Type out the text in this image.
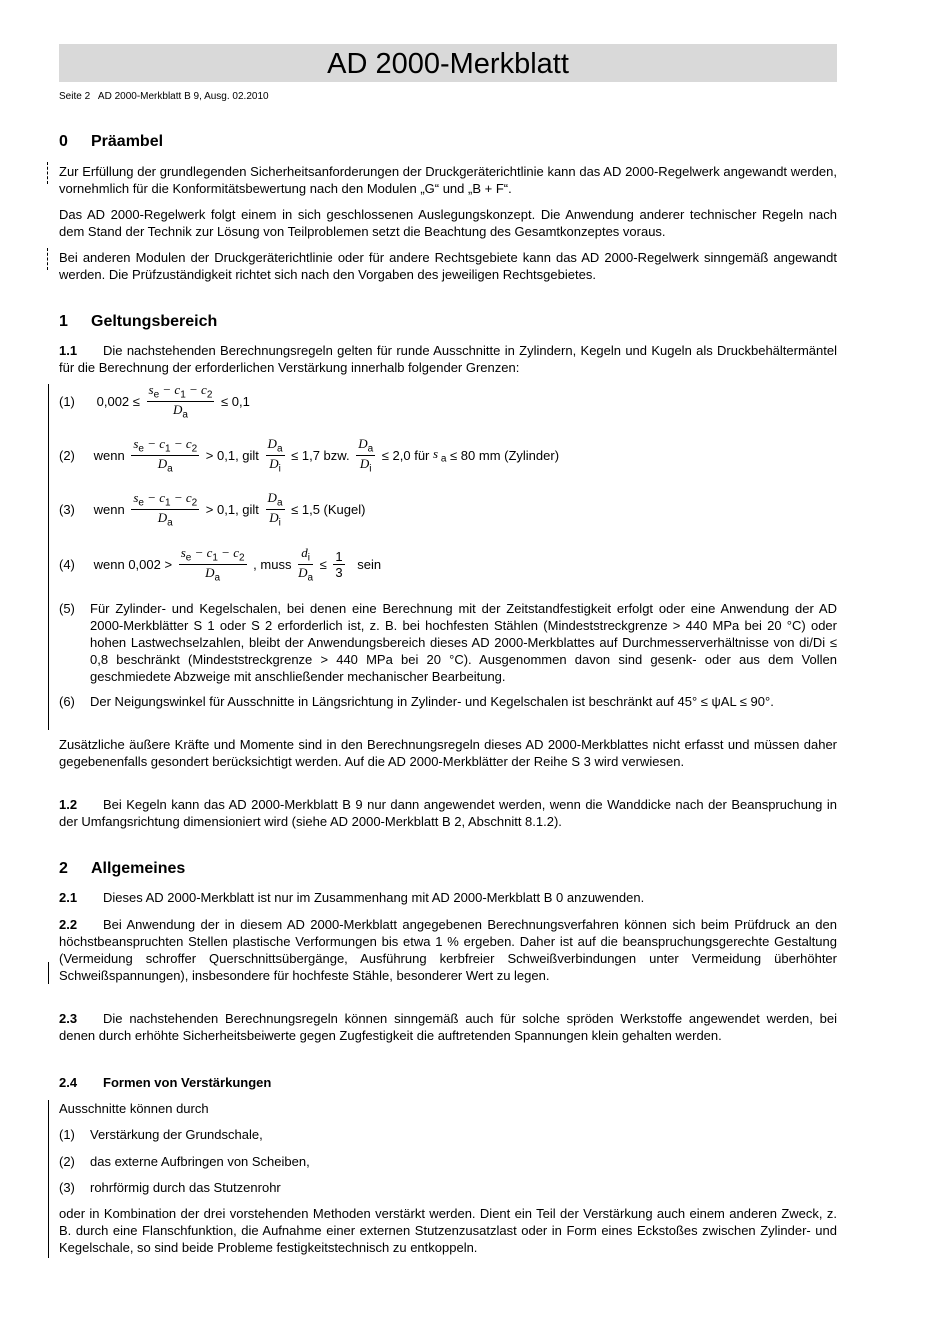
AD 2000-Merkblatt
Seite 2   AD 2000-Merkblatt B 9, Ausg. 02.2010
0 Präambel
Zur Erfüllung der grundlegenden Sicherheitsanforderungen der Druckgeräterichtlinie kann das AD 2000-Regelwerk angewandt werden, vornehmlich für die Konformitätsbewertung nach den Modulen „G“ und „B + F“.
Das AD 2000-Regelwerk folgt einem in sich geschlossenen Auslegungskonzept. Die Anwendung anderer technischer Regeln nach dem Stand der Technik zur Lösung von Teilproblemen setzt die Beachtung des Gesamtkonzeptes voraus.
Bei anderen Modulen der Druckgeräterichtlinie oder für andere Rechtsgebiete kann das AD 2000-Regelwerk sinngemäß angewandt werden. Die Prüfzuständigkeit richtet sich nach den Vorgaben des jeweiligen Rechtsgebietes.
1 Geltungsbereich
1.1 Die nachstehenden Berechnungsregeln gelten für runde Ausschnitte in Zylindern, Kegeln und Kugeln als Druckbehältermäntel für die Berechnung der erforderlichen Verstärkung innerhalb folgender Grenzen:
(1) $0,002 \le \frac{s_e - c_1 - c_2}{D_a} \le 0,1$
(2) wenn $\frac{s_e - c_1 - c_2}{D_a} > 0,1$, gilt $\frac{D_a}{D_i} \le 1,7$ bzw. $\frac{D_a}{D_i} \le 2,0$ für s $_a$ ≤ 80 mm (Zylinder)
(3) wenn $\frac{s_e - c_1 - c_2}{D_a} > 0,1$, gilt $\frac{D_a}{D_i} \le 1,5$ (Kugel)
(4) wenn $0,002 > \frac{s_e - c_1 - c_2}{D_a}$ , muss $\frac{d_i}{D_a} \le \frac{1}{3}$ sein
(5) Für Zylinder- und Kegelschalen, bei denen eine Berechnung mit der Zeitstandfestigkeit erfolgt oder eine Anwendung der AD 2000-Merkblätter S 1 oder S 2 erforderlich ist, z. B. bei hochfesten Stählen (Mindeststreckgrenze > 440 MPa bei 20 °C) oder hohen Lastwechselzahlen, bleibt der Anwendungsbereich dieses AD 2000-Merkblattes auf Durchmesserverhältnisse von di/Di ≤ 0,8 beschränkt (Mindeststreckgrenze > 440 MPa bei 20 °C). Ausgenommen davon sind gesenk- oder aus dem Vollen geschmiedete Abzweige mit anschließender mechanischer Bearbeitung.
(6) Der Neigungswinkel für Ausschnitte in Längsrichtung in Zylinder- und Kegelschalen ist beschränkt auf 45° ≤ ψAL ≤ 90°.
Zusätzliche äußere Kräfte und Momente sind in den Berechnungsregeln dieses AD 2000-Merkblattes nicht erfasst und müssen daher gegebenenfalls gesondert berücksichtigt werden. Auf die AD 2000-Merkblätter der Reihe S 3 wird verwiesen.
1.2 Bei Kegeln kann das AD 2000-Merkblatt B 9 nur dann angewendet werden, wenn die Wanddicke nach der Beanspruchung in der Umfangsrichtung dimensioniert wird (siehe AD 2000-Merkblatt B 2, Abschnitt 8.1.2).
2 Allgemeines
2.1 Dieses AD 2000-Merkblatt ist nur im Zusammenhang mit AD 2000-Merkblatt B 0 anzuwenden.
2.2 Bei Anwendung der in diesem AD 2000-Merkblatt angegebenen Berechnungsverfahren können sich beim Prüfdruck an den höchstbeanspruchten Stellen plastische Verformungen bis etwa 1 % ergeben. Daher ist auf die beanspruchungsgerechte Gestaltung (Vermeidung schroffer Querschnittsübergänge, Ausführung kerbfreier Schweißverbindungen unter Vermeidung überhöhter Schweißspannungen), insbesondere für hochfeste Stähle, besonderer Wert zu legen.
2.3 Die nachstehenden Berechnungsregeln können sinngemäß auch für solche spröden Werkstoffe angewendet werden, bei denen durch erhöhte Sicherheitsbeiwerte gegen Zugfestigkeit die auftretenden Spannungen klein gehalten werden.
2.4 Formen von Verstärkungen
Ausschnitte können durch
(1) Verstärkung der Grundschale,
(2) das externe Aufbringen von Scheiben,
(3) rohrförmig durch das Stutzenrohr
oder in Kombination der drei vorstehenden Methoden verstärkt werden. Dient ein Teil der Verstärkung auch einem anderen Zweck, z. B. durch eine Flanschfunktion, die Aufnahme einer externen Stutzenzusatzlast oder in Form eines Eckstoßes zwischen Zylinder- und Kegelschale, so sind beide Probleme festigkeitstechnisch zu entkoppeln.
